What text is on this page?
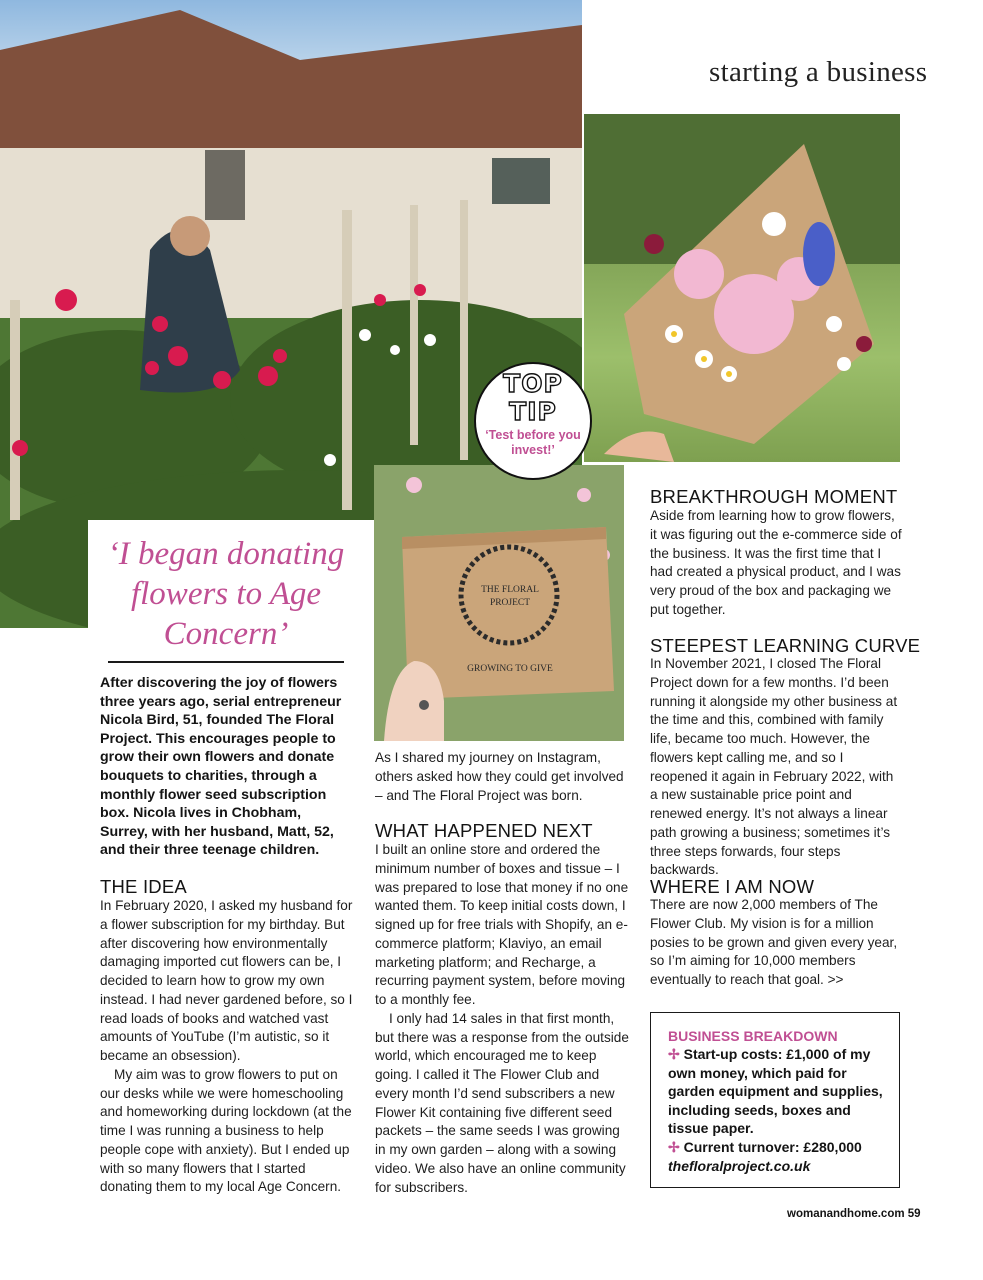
THE FLORAL
PROJECT
GROWING TO GIVE
starting a business
‘I began donating flowers to Age Concern’
After discovering the joy of flowers three years ago, serial entrepreneur Nicola Bird, 51, founded The Floral Project. This encourages people to grow their own flowers and donate bouquets to charities, through a monthly flower seed subscription box. Nicola lives in Chobham, Surrey, with her husband, Matt, 52, and their three teenage children.
THE IDEA

In February 2020, I asked my husband for a flower subscription for my birthday. But after discovering how environmentally damaging imported cut flowers can be, I decided to learn how to grow my own instead. I had never gardened before, so I read loads of books and watched vast amounts of YouTube (I’m autistic, so it became an obsession).

My aim was to grow flowers to put on our desks while we were homeschooling and homeworking during lockdown (at the time I was running a business to help people cope with anxiety). But I ended up with so many flowers that I started donating them to my local Age Concern.

As I shared my journey on Instagram, others asked how they could get involved – and The Floral Project was born.

WHAT HAPPENED NEXT

I built an online store and ordered the minimum number of boxes and tissue – I was prepared to lose that money if no one wanted them. To keep initial costs down, I signed up for free trials with Shopify, an e-commerce platform; Klaviyo, an email marketing platform; and Recharge, a recurring payment system, before moving to a monthly fee.

I only had 14 sales in that first month, but there was a response from the outside world, which encouraged me to keep going. I called it The Flower Club and every month I’d send subscribers a new Flower Kit containing five different seed packets – the same seeds I was growing in my own garden – along with a sowing video. We also have an online community for subscribers.

BREAKTHROUGH MOMENT

Aside from learning how to grow flowers, it was figuring out the e-commerce side of the business. It was the first time that I had created a physical product, and I was very proud of the box and packaging we put together.

STEEPEST LEARNING CURVE

In November 2021, I closed The Floral Project down for a few months. I’d been running it alongside my other business at the time and this, combined with family life, became too much. However, the flowers kept calling me, and so I reopened it again in February 2022, with a new sustainable price point and renewed energy. It’s not always a linear path growing a business; sometimes it’s three steps forwards, four steps backwards.

WHERE I AM NOW

There are now 2,000 members of The Flower Club. My vision is for a million posies to be grown and given every year, so I’m aiming for 10,000 members eventually to reach that goal. >>

TOP
TIP
‘Test before you invest!’
BUSINESS BREAKDOWN
✢ Start-up costs: £1,000 of my own money, which paid for garden equipment and supplies, including seeds, boxes and tissue paper.
✢ Current turnover: £280,000
thefloralproject.co.uk
womanandhome.com 59
